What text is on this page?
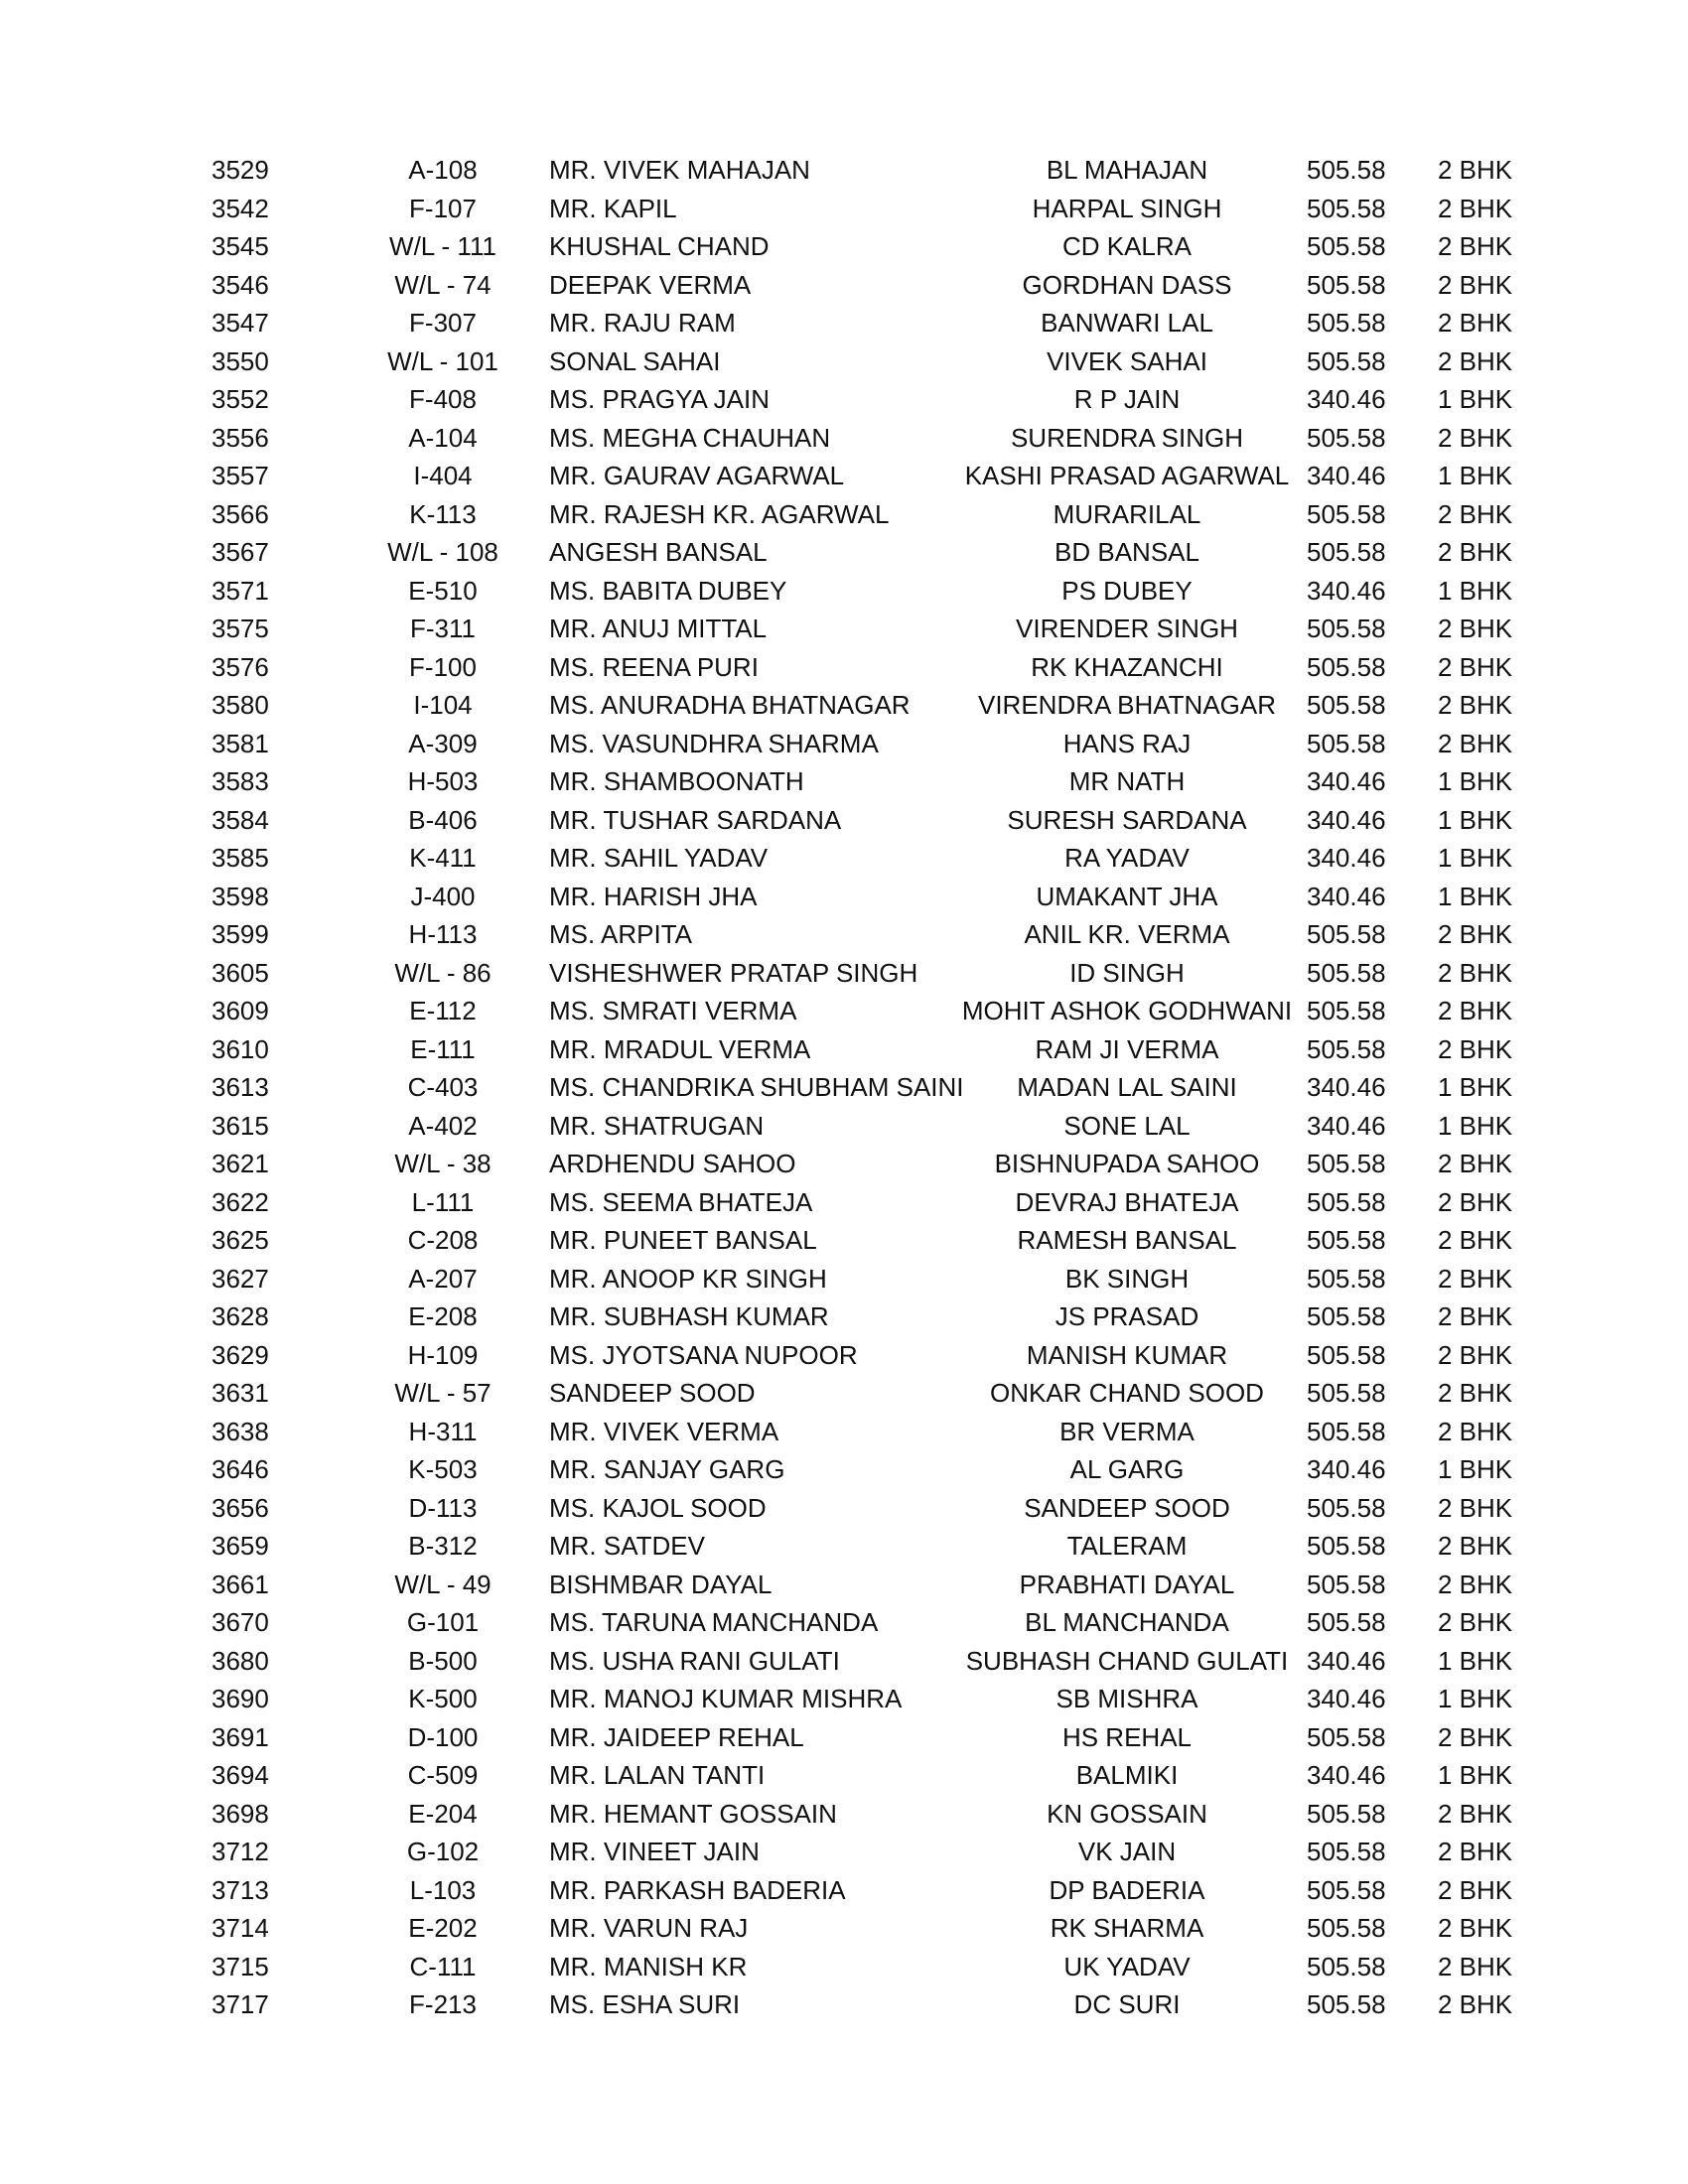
3529	A-108	MR. VIVEK MAHAJAN	BL MAHAJAN	505.58	2 BHK
3542	F-107	MR. KAPIL	HARPAL SINGH	505.58	2 BHK
3545	W/L - 111	KHUSHAL CHAND	CD KALRA	505.58	2 BHK
3546	W/L - 74	DEEPAK VERMA	GORDHAN DASS	505.58	2 BHK
3547	F-307	MR. RAJU RAM	BANWARI LAL	505.58	2 BHK
3550	W/L - 101	SONAL SAHAI	VIVEK SAHAI	505.58	2 BHK
3552	F-408	MS. PRAGYA JAIN	R P JAIN	340.46	1 BHK
3556	A-104	MS. MEGHA CHAUHAN	SURENDRA SINGH	505.58	2 BHK
3557	I-404	MR. GAURAV AGARWAL	KASHI PRASAD AGARWAL 340.46	1 BHK
3566	K-113	MR. RAJESH KR. AGARWAL	MURARILAL	505.58	2 BHK
3567	W/L - 108	ANGESH BANSAL	BD BANSAL	505.58	2 BHK
3571	E-510	MS. BABITA DUBEY	PS DUBEY	340.46	1 BHK
3575	F-311	MR. ANUJ MITTAL	VIRENDER SINGH	505.58	2 BHK
3576	F-100	MS. REENA PURI	RK KHAZANCHI	505.58	2 BHK
3580	I-104	MS. ANURADHA BHATNAGAR	VIRENDRA BHATNAGAR	505.58	2 BHK
3581	A-309	MS. VASUNDHRA SHARMA	HANS RAJ	505.58	2 BHK
3583	H-503	MR. SHAMBOONATH	MR NATH	340.46	1 BHK
3584	B-406	MR. TUSHAR SARDANA	SURESH SARDANA	340.46	1 BHK
3585	K-411	MR. SAHIL YADAV	RA YADAV	340.46	1 BHK
3598	J-400	MR. HARISH JHA	UMAKANT JHA	340.46	1 BHK
3599	H-113	MS. ARPITA	ANIL KR. VERMA	505.58	2 BHK
3605	W/L - 86	VISHESHWER PRATAP SINGH	ID SINGH	505.58	2 BHK
3609	E-112	MS. SMRATI VERMA	MOHIT ASHOK GODHWANI 505.58	2 BHK
3610	E-111	MR. MRADUL VERMA	RAM JI VERMA	505.58	2 BHK
3613	C-403	MS. CHANDRIKA SHUBHAM SAINI	MADAN LAL SAINI	340.46	1 BHK
3615	A-402	MR. SHATRUGAN	SONE LAL	340.46	1 BHK
3621	W/L - 38	ARDHENDU SAHOO	BISHNUPADA SAHOO	505.58	2 BHK
3622	L-111	MS. SEEMA BHATEJA	DEVRAJ BHATEJA	505.58	2 BHK
3625	C-208	MR. PUNEET BANSAL	RAMESH BANSAL	505.58	2 BHK
3627	A-207	MR. ANOOP KR SINGH	BK SINGH	505.58	2 BHK
3628	E-208	MR. SUBHASH KUMAR	JS PRASAD	505.58	2 BHK
3629	H-109	MS. JYOTSANA NUPOOR	MANISH KUMAR	505.58	2 BHK
3631	W/L - 57	SANDEEP SOOD	ONKAR CHAND SOOD	505.58	2 BHK
3638	H-311	MR. VIVEK VERMA	BR VERMA	505.58	2 BHK
3646	K-503	MR. SANJAY GARG	AL GARG	340.46	1 BHK
3656	D-113	MS. KAJOL SOOD	SANDEEP SOOD	505.58	2 BHK
3659	B-312	MR. SATDEV	TALERAM	505.58	2 BHK
3661	W/L - 49	BISHMBAR DAYAL	PRABHATI DAYAL	505.58	2 BHK
3670	G-101	MS. TARUNA MANCHANDA	BL MANCHANDA	505.58	2 BHK
3680	B-500	MS. USHA RANI GULATI	SUBHASH CHAND GULATI 340.46	1 BHK
3690	K-500	MR. MANOJ KUMAR MISHRA	SB MISHRA	340.46	1 BHK
3691	D-100	MR. JAIDEEP REHAL	HS REHAL	505.58	2 BHK
3694	C-509	MR. LALAN TANTI	BALMIKI	340.46	1 BHK
3698	E-204	MR. HEMANT GOSSAIN	KN GOSSAIN	505.58	2 BHK
3712	G-102	MR. VINEET JAIN	VK JAIN	505.58	2 BHK
3713	L-103	MR. PARKASH BADERIA	DP BADERIA	505.58	2 BHK
3714	E-202	MR. VARUN RAJ	RK SHARMA	505.58	2 BHK
3715	C-111	MR. MANISH KR	UK YADAV	505.58	2 BHK
3717	F-213	MS. ESHA SURI	DC SURI	505.58	2 BHK
